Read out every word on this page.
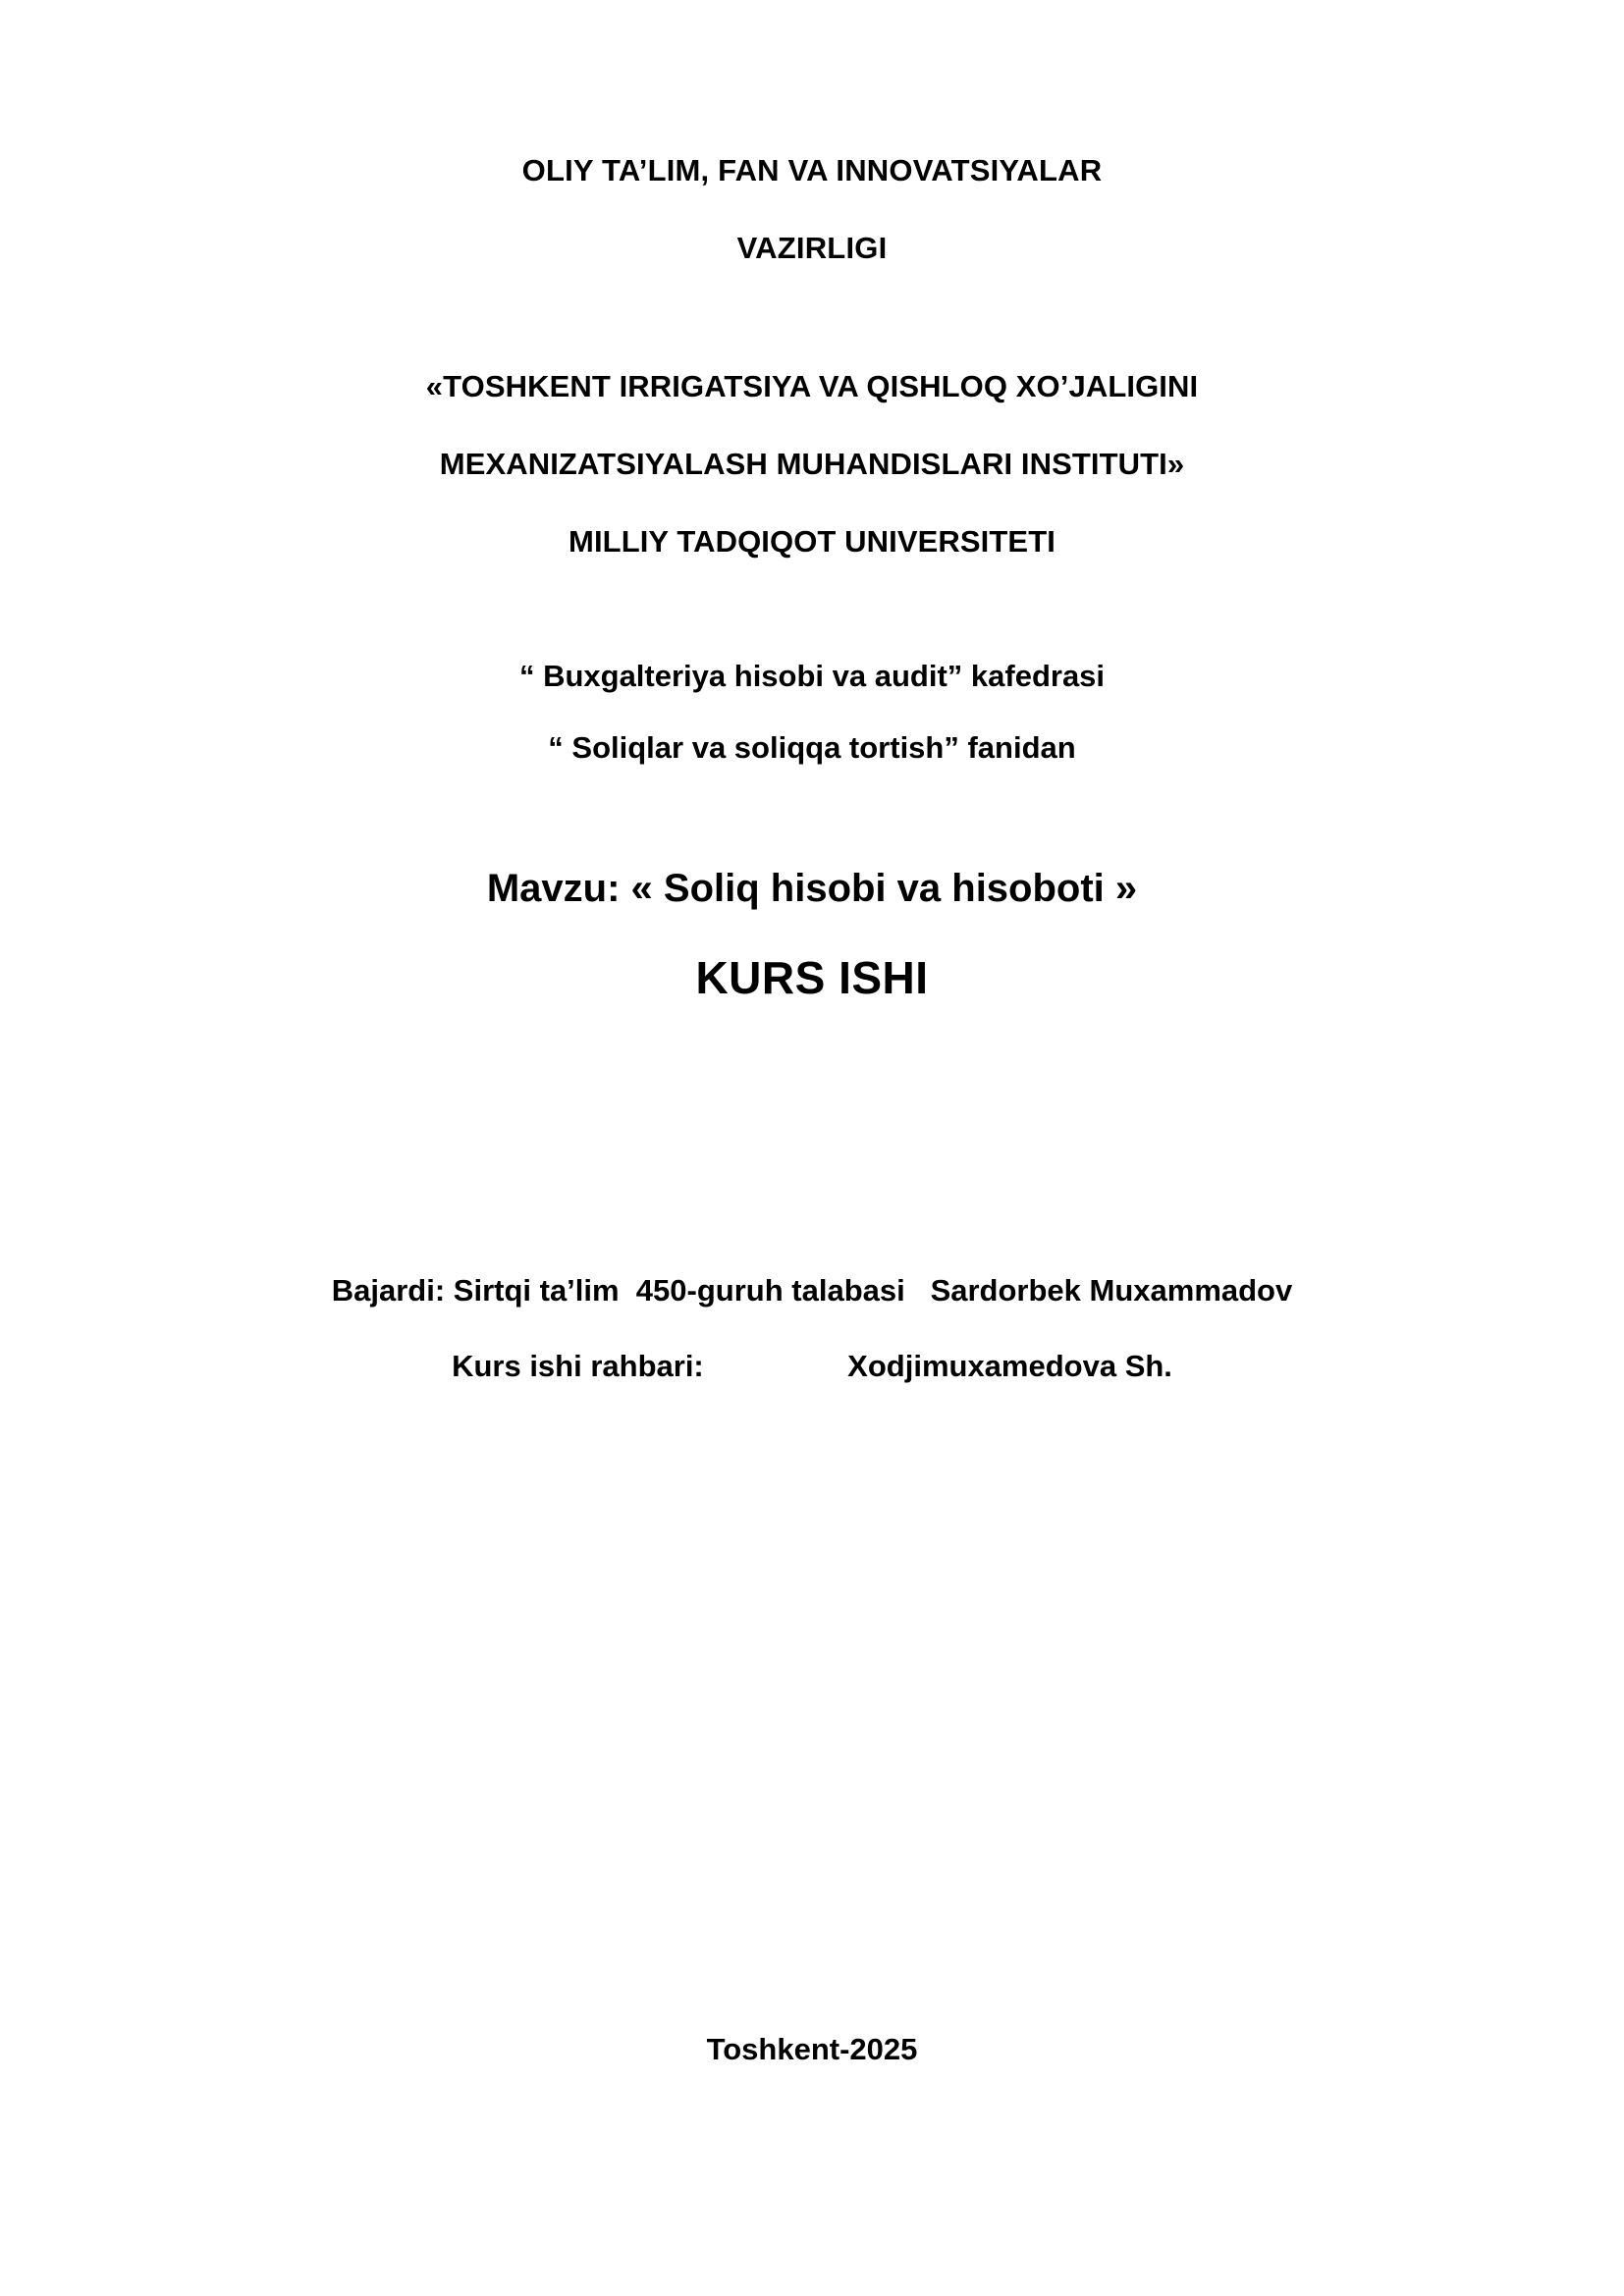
OLIY TA’LIM, FAN VA INNOVATSIYALAR
VAZIRLIGI
«TOSHKENT IRRIGATSIYA VA QISHLOQ XO’JALIGINI
MEXANIZATSIYALASH MUHANDISLARI INSTITUTI»
MILLIY TADQIQOT UNIVERSITETI
“ Buxgalteriya hisobi va audit” kafedrasi
“ Soliqlar va soliqqa tortish” fanidan
Mavzu: « Soliq hisobi va hisoboti »
KURS ISHI
Bajardi: Sirtqi ta’lim  450-guruh talabasi   Sardorbek Muxammadov
Kurs ishi rahbari:                 Xodjimuxamedova Sh.
Toshkent-2025
